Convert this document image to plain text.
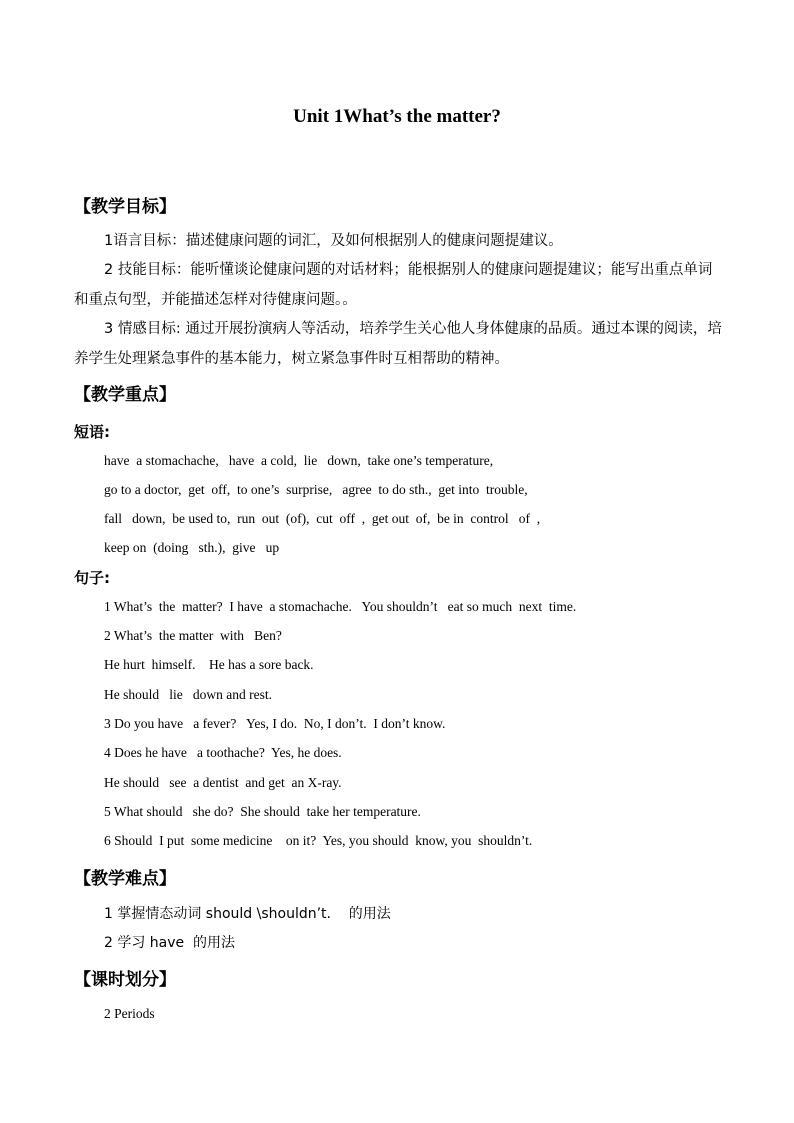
Unit 1What’s the matter?
【教学目标】
1语言目标：描述健康问题的词汇，及如何根据别人的健康问题提建议。
2 技能目标：能听懂谈论健康问题的对话材料；能根据别人的健康问题提建议；能写出重点单词和重点句型，并能描述怎样对待健康问题。。
3 情感目标: 通过开展扮演病人等活动，培养学生关心他人身体健康的品质。通过本课的阅读，培养学生处理紧急事件的基本能力，树立紧急事件时互相帮助的精神。
【教学重点】
短语:
have  a stomachache,   have  a cold,  lie   down,  take one’s temperature,
go to a doctor,  get  off,  to one’s  surprise,   agree  to do sth.,  get into  trouble,
fall   down,  be used to,  run  out  (of),  cut  off  ,  get out  of,  be in  control   of  ,
keep on  (doing   sth.),  give   up
句子:
1 What’s  the  matter?  I have  a stomachache.   You shouldn’t   eat so much  next  time.
2 What’s  the matter  with   Ben?
He hurt  himself.    He has a sore back.
He should   lie   down and rest.
3 Do you have   a fever?   Yes, I do.  No, I don’t.  I don’t know.
4 Does he have   a toothache?  Yes, he does.
He should   see  a dentist  and get  an X-ray.
5 What should   she do?  She should  take her temperature.
6 Should  I put  some medicine    on it?  Yes, you should  know, you  shouldn’t.
【教学难点】
1 掌握情态动词 should \shouldn’t.    的用法
2 学习 have  的用法
【课时划分】
2 Periods
